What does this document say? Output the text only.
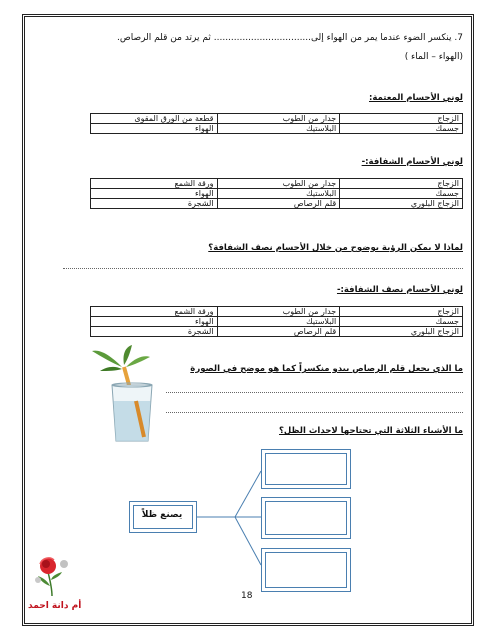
7. ينكسر الضوء عندما يمر من الهواء إلى.................................. ثم يرتد من قلم الرصاص.
(الهواء – الماء )
لوني الأجسام المعتمة:
الزجاج	جدار من الطوب	قطعة من الورق المقوى
جسمك	البلاستيك	الهواء
لوني الأجسام الشفافة:-
الزجاج	جدار من الطوب	ورقة الشمع
جسمك	البلاستيك	الهواء
الزجاج البلوري	قلم الرصاص	الشجرة
لماذا لا يمكن الرؤية بوضوح من خلال الأجسام نصف الشفافة؟
لوني الأجسام نصف الشفافة:-
الزجاج	جدار من الطوب	ورقة الشمع
جسمك	البلاستيك	الهواء
الزجاج البلوري	قلم الرصاص	الشجرة
ما الذي يجعل قلم الرصاص يبدو منكسراً كما هو موضح في الصورة
ما الأشياء الثلاثة التي تحتاجها لاحداث الظل؟
يصنع ظلاً
18
أم دانة احمد
